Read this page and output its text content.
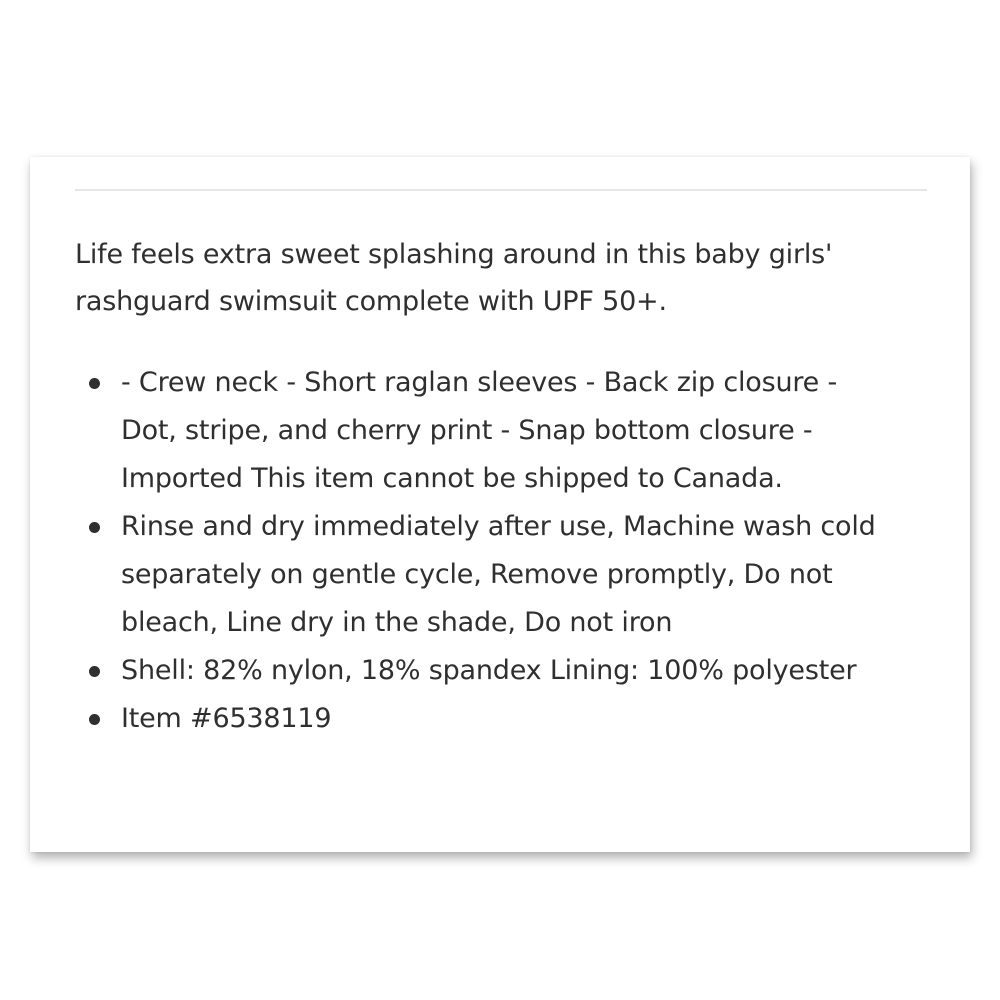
Life feels extra sweet splashing around in this baby girls' rashguard swimsuit complete with UPF 50+.

- Crew neck - Short raglan sleeves - Back zip closure - Dot, stripe, and cherry print - Snap bottom closure - Imported This item cannot be shipped to Canada.
Rinse and dry immediately after use, Machine wash cold separately on gentle cycle, Remove promptly, Do not bleach, Line dry in the shade, Do not iron
Shell: 82% nylon, 18% spandex Lining: 100% polyester
Item #6538119
